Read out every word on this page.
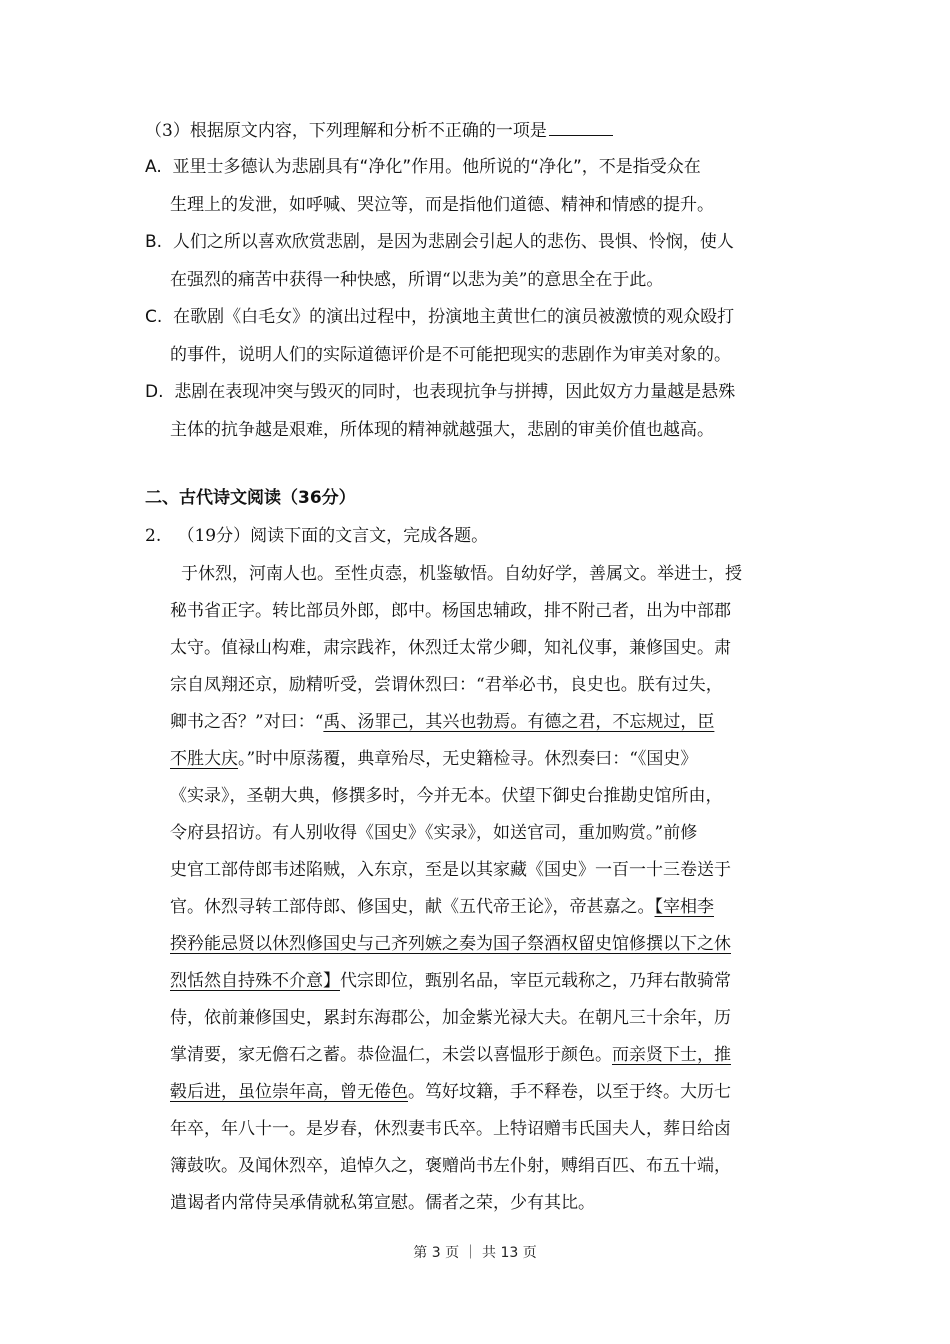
（3）根据原文内容，下列理解和分析不正确的一项是
A. 亚里士多德认为悲剧具有“净化”作用。他所说的“净化”，不是指受众在
生理上的发泄，如呼喊、哭泣等，而是指他们道德、精神和情感的提升。
B. 人们之所以喜欢欣赏悲剧，是因为悲剧会引起人的悲伤、畏惧、怜悯，使人
在强烈的痛苦中获得一种快感，所谓“以悲为美”的意思全在于此。
C. 在歌剧《白毛女》的演出过程中，扮演地主黄世仁的演员被激愤的观众殴打
的事件，说明人们的实际道德评价是不可能把现实的悲剧作为审美对象的。
D. 悲剧在表现冲突与毁灭的同时，也表现抗争与拼搏，因此奴方力量越是悬殊
主体的抗争越是艰难，所体现的精神就越强大，悲剧的审美价值也越高。
二、古代诗文阅读（36分）
2. （19分）阅读下面的文言文，完成各题。
于休烈，河南人也。至性贞悫，机鉴敏悟。自幼好学，善属文。举进士，授
秘书省正字。转比部员外郎，郎中。杨国忠辅政，排不附己者，出为中部郡
太守。值禄山构难，肃宗践祚，休烈迁太常少卿，知礼仪事，兼修国史。肃
宗自凤翔还京，励精听受，尝谓休烈曰：“君举必书，良史也。朕有过失，
卿书之否？”对曰：“禹、汤罪己，其兴也勃焉。有德之君，不忘规过，臣
不胜大庆。”时中原荡覆，典章殆尽，无史籍检寻。休烈奏曰：“《国史》
《实录》，圣朝大典，修撰多时，今并无本。伏望下御史台推勘史馆所由，
令府县招访。有人别收得《国史》《实录》，如送官司，重加购赏。”前修
史官工部侍郎韦述陷贼，入东京，至是以其家藏《国史》一百一十三卷送于
官。休烈寻转工部侍郎、修国史，献《五代帝王论》，帝甚嘉之。【宰相李
揆矜能忌贤以休烈修国史与己齐列嫉之奏为国子祭酒权留史馆修撰以下之休
烈恬然自持殊不介意】代宗即位，甄别名品，宰臣元载称之，乃拜右散骑常
侍，依前兼修国史，累封东海郡公，加金紫光禄大夫。在朝凡三十余年，历
掌清要，家无儋石之蓄。恭俭温仁，未尝以喜愠形于颜色。而亲贤下士，推
毂后进，虽位崇年高，曾无倦色。笃好坟籍，手不释卷，以至于终。大历七
年卒，年八十一。是岁春，休烈妻韦氏卒。上特诏赠韦氏国夫人，葬日给卤
簿鼓吹。及闻休烈卒，追悼久之，褒赠尚书左仆射，赙绢百匹、布五十端，
遣谒者内常侍吴承倩就私第宣慰。儒者之荣，少有其比。
第 3 页 ｜ 共 13 页
